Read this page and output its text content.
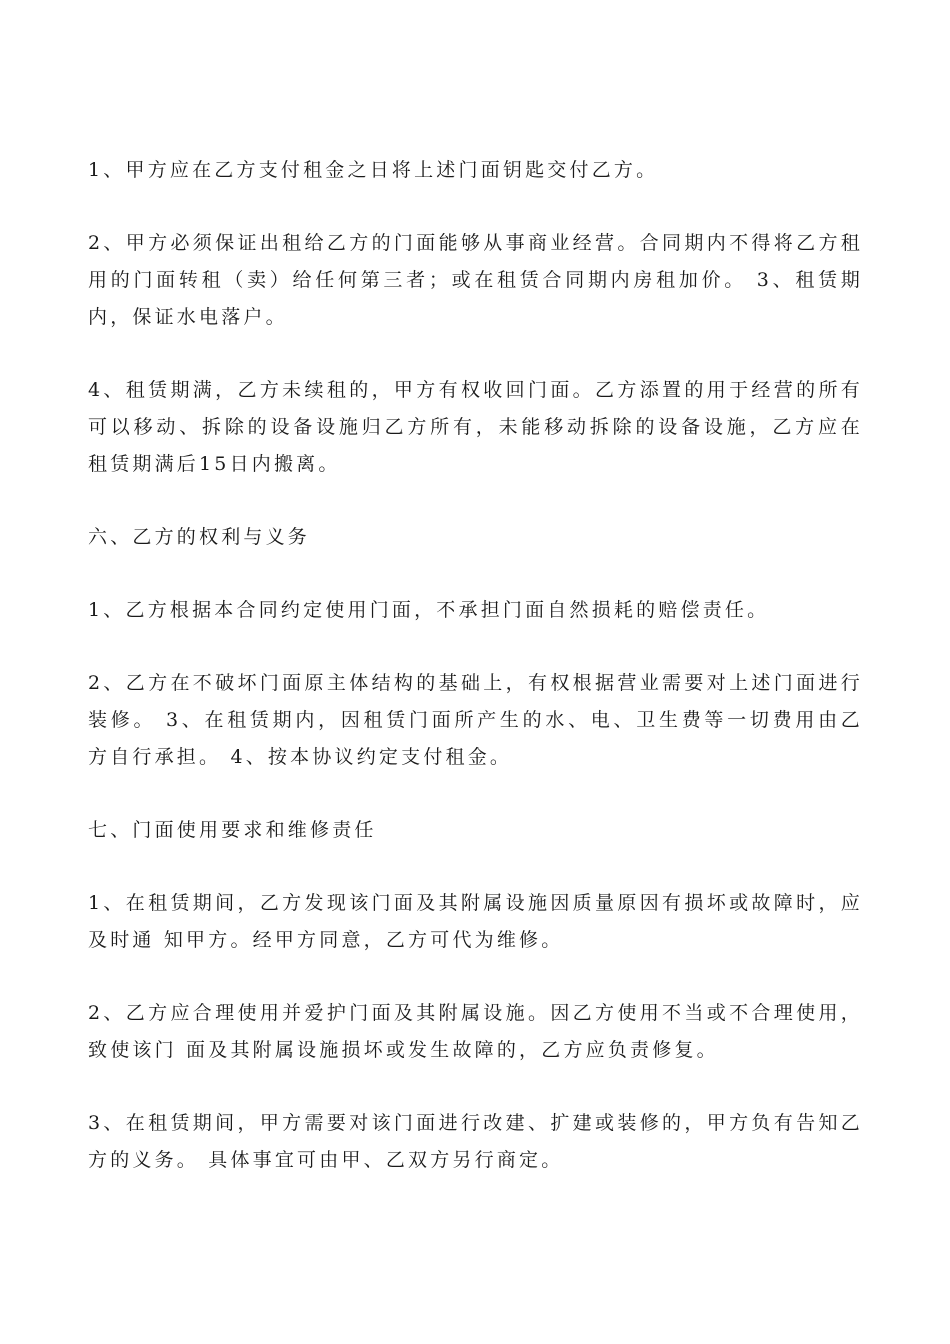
1、甲方应在乙方支付租金之日将上述门面钥匙交付乙方。

2、甲方必须保证出租给乙方的门面能够从事商业经营。合同期内不得将乙方租用的门面转租（卖）给任何第三者；或在租赁合同期内房租加价。 3、租赁期内，保证水电落户。

4、租赁期满，乙方未续租的，甲方有权收回门面。乙方添置的用于经营的所有可以移动、拆除的设备设施归乙方所有，未能移动拆除的设备设施，乙方应在租赁期满后15日内搬离。

六、乙方的权利与义务

1、乙方根据本合同约定使用门面，不承担门面自然损耗的赔偿责任。

2、乙方在不破坏门面原主体结构的基础上，有权根据营业需要对上述门面进行装修。 3、在租赁期内，因租赁门面所产生的水、电、卫生费等一切费用由乙方自行承担。 4、按本协议约定支付租金。

七、门面使用要求和维修责任

1、在租赁期间，乙方发现该门面及其附属设施因质量原因有损坏或故障时，应及时通 知甲方。经甲方同意，乙方可代为维修。

2、乙方应合理使用并爱护门面及其附属设施。因乙方使用不当或不合理使用，致使该门 面及其附属设施损坏或发生故障的，乙方应负责修复。

3、在租赁期间，甲方需要对该门面进行改建、扩建或装修的，甲方负有告知乙方的义务。 具体事宜可由甲、乙双方另行商定。
